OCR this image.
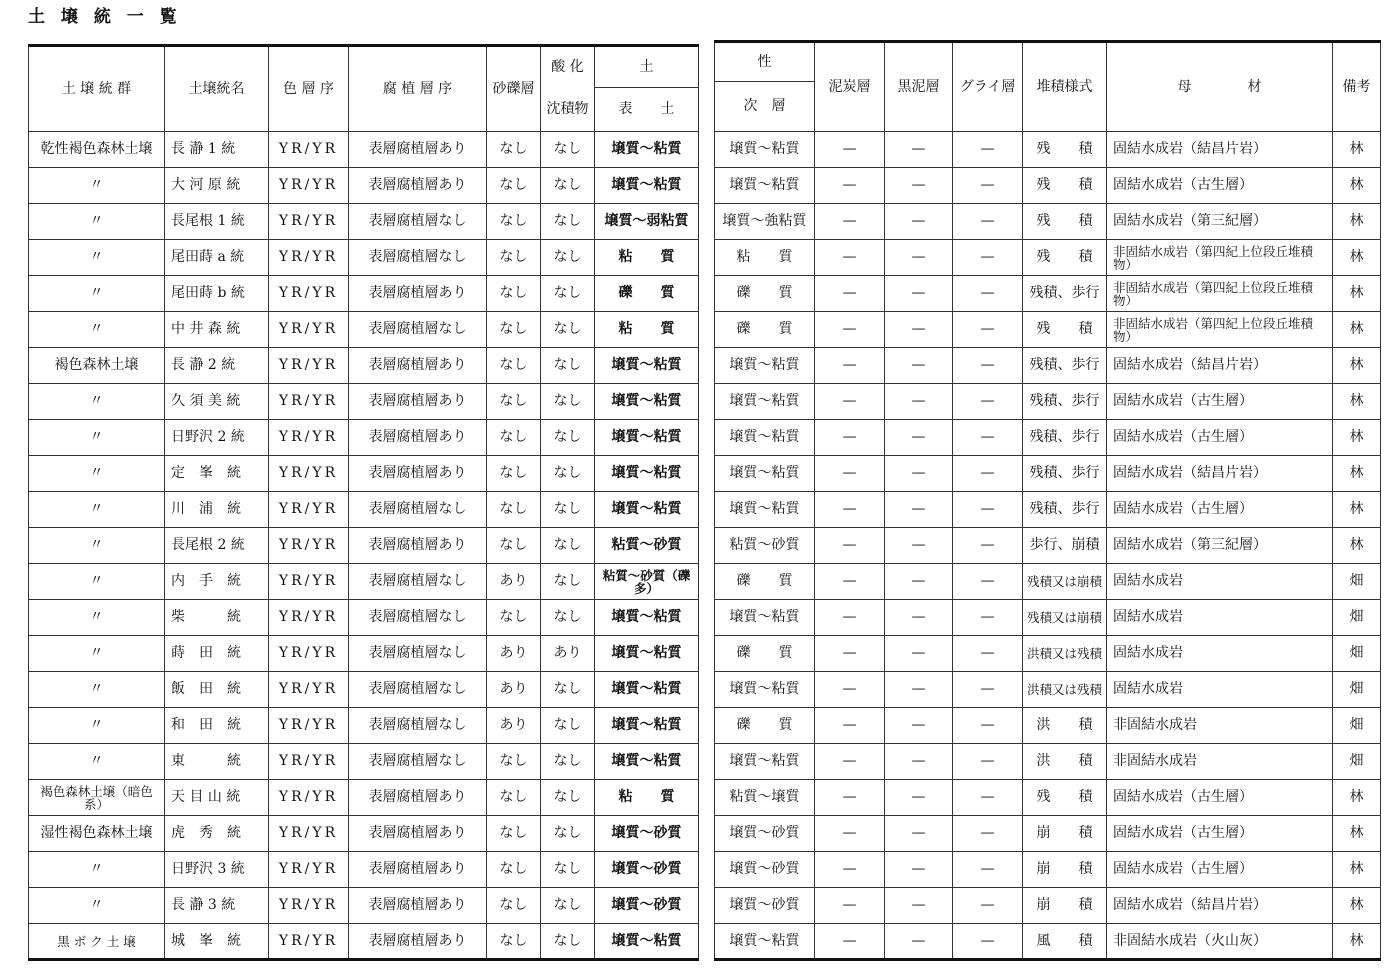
土 壌 統 一 覧
土 壌 統 群	土壌統名	色 層 序	腐 植 層 序	砂礫層	酸 化	土
					沈積物	表　　土
乾性褐色森林土壌	長 瀞 1 統	YR/YR	表層腐植層あり	なし	なし	壌質～粘質
〃	大 河 原 統	YR/YR	表層腐植層あり	なし	なし	壌質～粘質
〃	長尾根 1 統	YR/YR	表層腐植層なし	なし	なし	壌質～弱粘質
〃	尾田蒔 a 統	YR/YR	表層腐植層なし	なし	なし	粘　　質
〃	尾田蒔 b 統	YR/YR	表層腐植層あり	なし	なし	礫　　質
〃	中 井 森 統	YR/YR	表層腐植層なし	なし	なし	粘　　質
褐色森林土壌	長 瀞 2 統	YR/YR	表層腐植層あり	なし	なし	壌質～粘質
〃	久 須 美 統	YR/YR	表層腐植層あり	なし	なし	壌質～粘質
〃	日野沢 2 統	YR/YR	表層腐植層あり	なし	なし	壌質～粘質
〃	定　峯　統	YR/YR	表層腐植層あり	なし	なし	壌質～粘質
〃	川　浦　統	YR/YR	表層腐植層なし	なし	なし	壌質～粘質
〃	長尾根 2 統	YR/YR	表層腐植層あり	なし	なし	粘質～砂質
〃	内　手　統	YR/YR	表層腐植層なし	あり	なし	粘質～砂質（礫多）
〃	柴　　　統	YR/YR	表層腐植層なし	なし	なし	壌質～粘質
〃	蒔　田　統	YR/YR	表層腐植層なし	あり	あり	壌質～粘質
〃	飯　田　統	YR/YR	表層腐植層なし	あり	なし	壌質～粘質
〃	和　田　統	YR/YR	表層腐植層なし	あり	なし	壌質～粘質
〃	東　　　統	YR/YR	表層腐植層なし	なし	なし	壌質～粘質
褐色森林土壌（暗色系）	天 目 山 統	YR/YR	表層腐植層あり	なし	なし	粘　　質
湿性褐色森林土壌	虎　秀　統	YR/YR	表層腐植層あり	なし	なし	壌質～砂質
〃	日野沢 3 統	YR/YR	表層腐植層あり	なし	なし	壌質～砂質
〃	長 瀞 3 統	YR/YR	表層腐植層あり	なし	なし	壌質～砂質
黒 ボ ク 土 壌	城　峯　統	YR/YR	表層腐植層あり	なし	なし	壌質～粘質
性	泥炭層	黒泥層	グライ層	堆積様式	母　　　　材	備考
次　層						
壌質～粘質	—	—	—	残　　積	固結水成岩（結昌片岩）	林
壌質～粘質	—	—	—	残　　積	固結水成岩（古生層）	林
壌質～強粘質	—	—	—	残　　積	固結水成岩（第三紀層）	林
粘　　質	—	—	—	残　　積	非固結水成岩（第四紀上位段丘堆積物）	林
礫　　質	—	—	—	残積、歩行	非固結水成岩（第四紀上位段丘堆積物）	林
礫　　質	—	—	—	残　　積	非固結水成岩（第四紀上位段丘堆積物）	林
壌質～粘質	—	—	—	残積、歩行	固結水成岩（結昌片岩）	林
壌質～粘質	—	—	—	残積、歩行	固結水成岩（古生層）	林
壌質～粘質	—	—	—	残積、歩行	固結水成岩（古生層）	林
壌質～粘質	—	—	—	残積、歩行	固結水成岩（結昌片岩）	林
壌質～粘質	—	—	—	残積、歩行	固結水成岩（古生層）	林
粘質～砂質	—	—	—	歩行、崩積	固結水成岩（第三紀層）	林
礫　　質	—	—	—	残積又は崩積	固結水成岩	畑
壌質～粘質	—	—	—	残積又は崩積	固結水成岩	畑
礫　　質	—	—	—	洪積又は残積	固結水成岩	畑
壌質～粘質	—	—	—	洪積又は残積	固結水成岩	畑
礫　　質	—	—	—	洪　　積	非固結水成岩	畑
壌質～粘質	—	—	—	洪　　積	非固結水成岩	畑
粘質～壌質	—	—	—	残　　積	固結水成岩（古生層）	林
壌質～砂質	—	—	—	崩　　積	固結水成岩（古生層）	林
壌質～砂質	—	—	—	崩　　積	固結水成岩（古生層）	林
壌質～砂質	—	—	—	崩　　積	固結水成岩（結昌片岩）	林
壌質～粘質	—	—	—	風　　積	非固結水成岩（火山灰）	林
